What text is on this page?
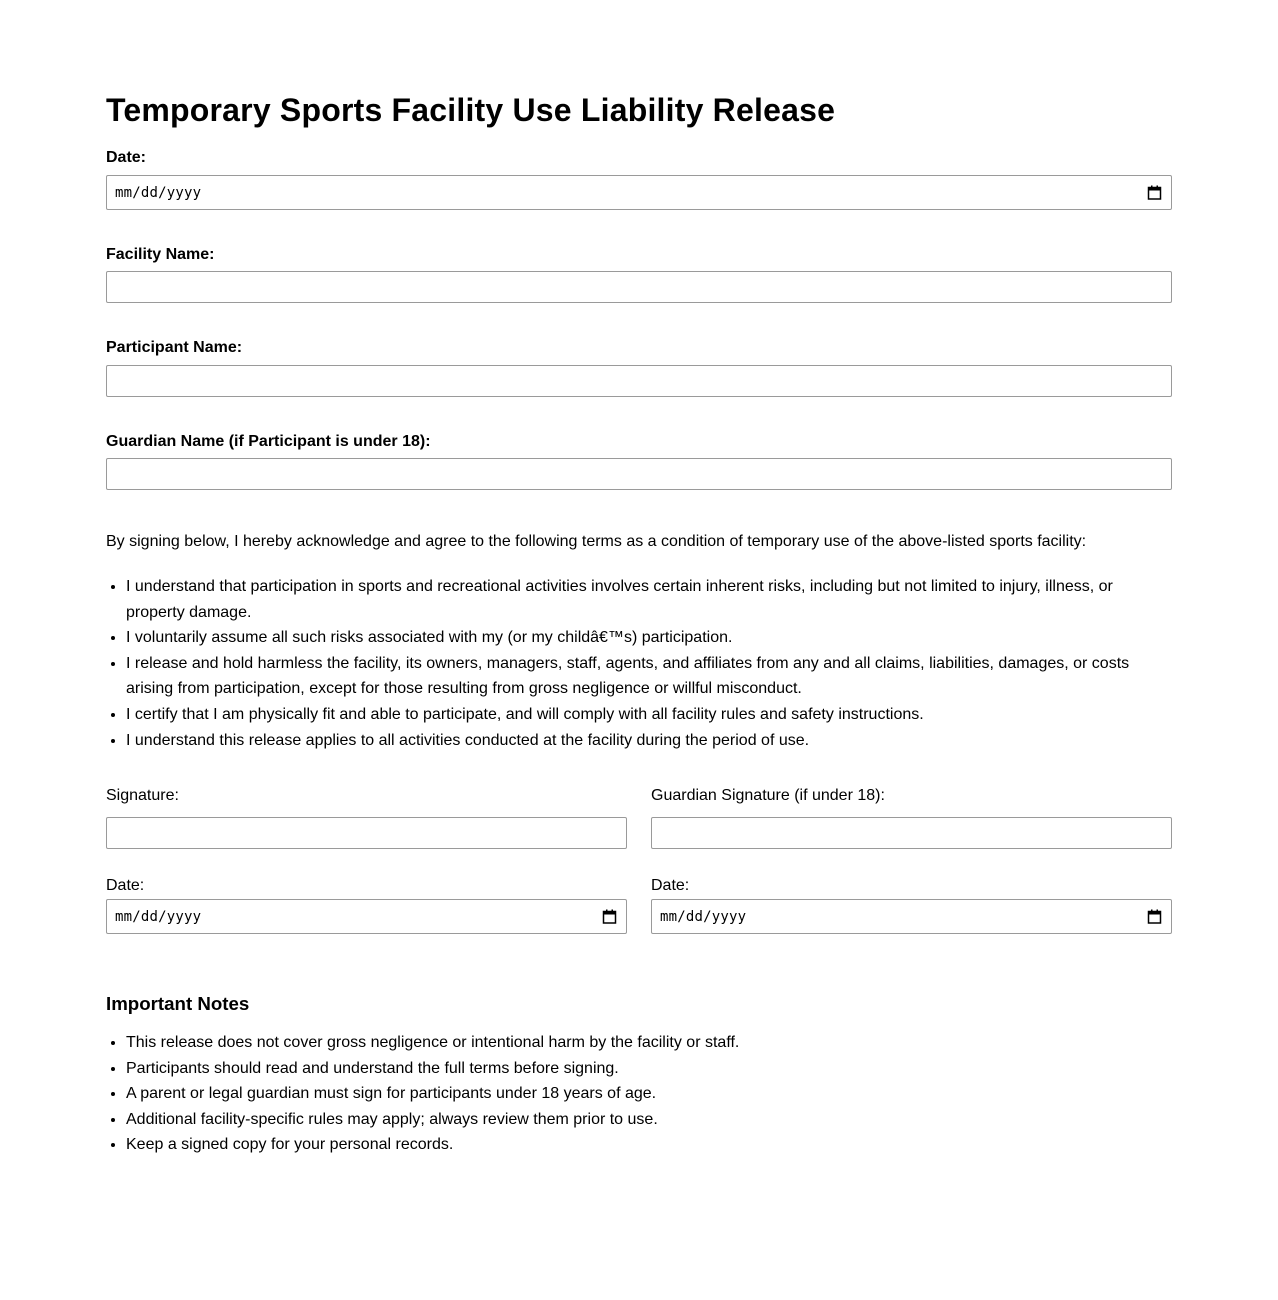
Temporary Sports Facility Use Liability Release
Date:
mm/dd/yyyy
Facility Name:
Participant Name:
Guardian Name (if Participant is under 18):

By signing below, I hereby acknowledge and agree to the following terms as a condition of temporary use of the above-listed sports facility:

• I understand that participation in sports and recreational activities involves certain inherent risks, including but not limited to injury, illness, or property damage.
• I voluntarily assume all such risks associated with my (or my childâ€™s) participation.
• I release and hold harmless the facility, its owners, managers, staff, agents, and affiliates from any and all claims, liabilities, damages, or costs arising from participation, except for those resulting from gross negligence or willful misconduct.
• I certify that I am physically fit and able to participate, and will comply with all facility rules and safety instructions.
• I understand this release applies to all activities conducted at the facility during the period of use.
Signature:	Guardian Signature (if under 18):
Date:	Date:
mm/dd/yyyy	mm/dd/yyyy
Important Notes
• This release does not cover gross negligence or intentional harm by the facility or staff.
• Participants should read and understand the full terms before signing.
• A parent or legal guardian must sign for participants under 18 years of age.
• Additional facility-specific rules may apply; always review them prior to use.
• Keep a signed copy for your personal records.
